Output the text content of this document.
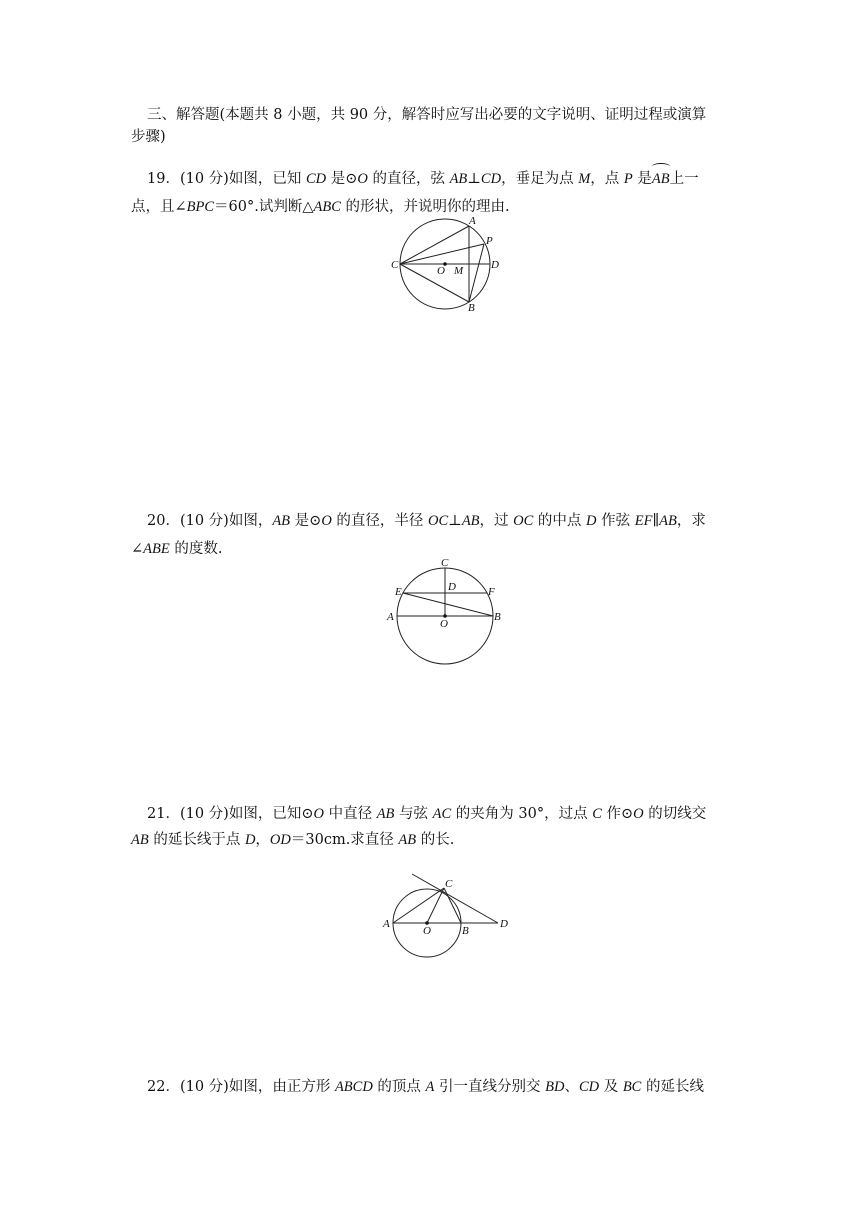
三、解答题(本题共 8 小题，共 90 分，解答时应写出必要的文字说明、证明过程或演算
步骤)
19．(10 分)如图，已知 CD 是⊙O 的直径，弦 AB⊥CD，垂足为点 M，点 P 是
AB上一
点，且∠BPC＝60°.试判断△ABC 的形状，并说明你的理由.
A
P
C	O M	D
B
20．(10 分)如图，AB 是⊙O 的直径，半径 OC⊥AB，过 OC 的中点 D 作弦 EF∥AB，求
∠ABE 的度数.
C
D
E	F
A
O
B
21．(10 分)如图，已知⊙O 中直径 AB 与弦 AC 的夹角为 30°，过点 C 作⊙O 的切线交
AB 的延长线于点 D，OD＝30cm.求直径 AB 的长.
C
A
O	B
D
22．(10 分)如图，由正方形 ABCD 的顶点 A 引一直线分别交 BD、CD 及 BC 的延长线
